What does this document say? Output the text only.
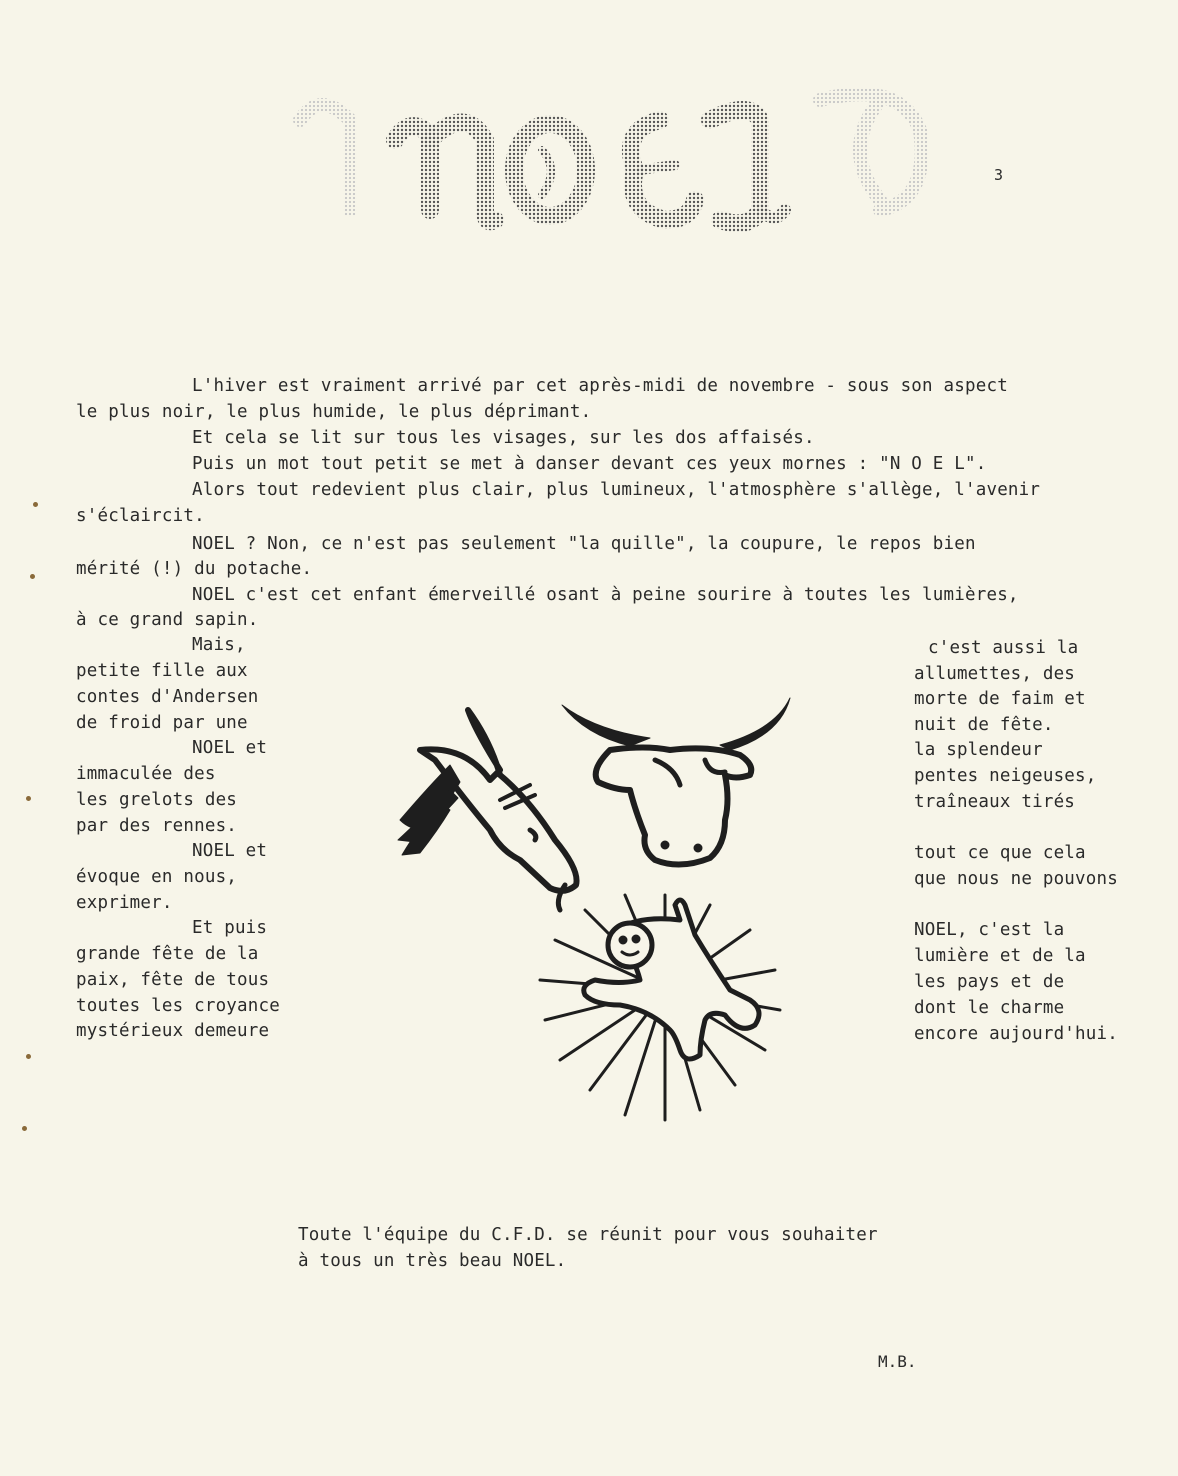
3
L'hiver est vraiment arrivé par cet après-midi de novembre - sous son aspect
le plus noir, le plus humide, le plus déprimant.
Et cela se lit sur tous les visages, sur les dos affaisés.
Puis un mot tout petit se met à danser devant ces yeux mornes : "N O E L".
Alors tout redevient plus clair, plus lumineux, l'atmosphère s'allège, l'avenir
s'éclaircit.
NOEL ? Non, ce n'est pas seulement "la quille", la coupure, le repos bien
mérité (!) du potache.
NOEL c'est cet enfant émerveillé osant à peine sourire à toutes les lumières,
à ce grand sapin.
Mais,
petite fille aux
contes d'Andersen
de froid par une
NOEL et
immaculée des
les grelots des
par des rennes.
NOEL et
évoque en nous,
exprimer.
Et puis
grande fête de la
paix, fête de tous
toutes les croyance
mystérieux demeure
c'est aussi la
allumettes, des
morte de faim et
nuit de fête.
la splendeur
pentes neigeuses,
traîneaux tirés
tout ce que cela
que nous ne pouvons
NOEL, c'est la
lumière et de la
les pays et de
dont le charme
encore aujourd'hui.
Toute l'équipe du C.F.D. se réunit pour vous souhaiter
à tous un très beau NOEL.
M.B.
